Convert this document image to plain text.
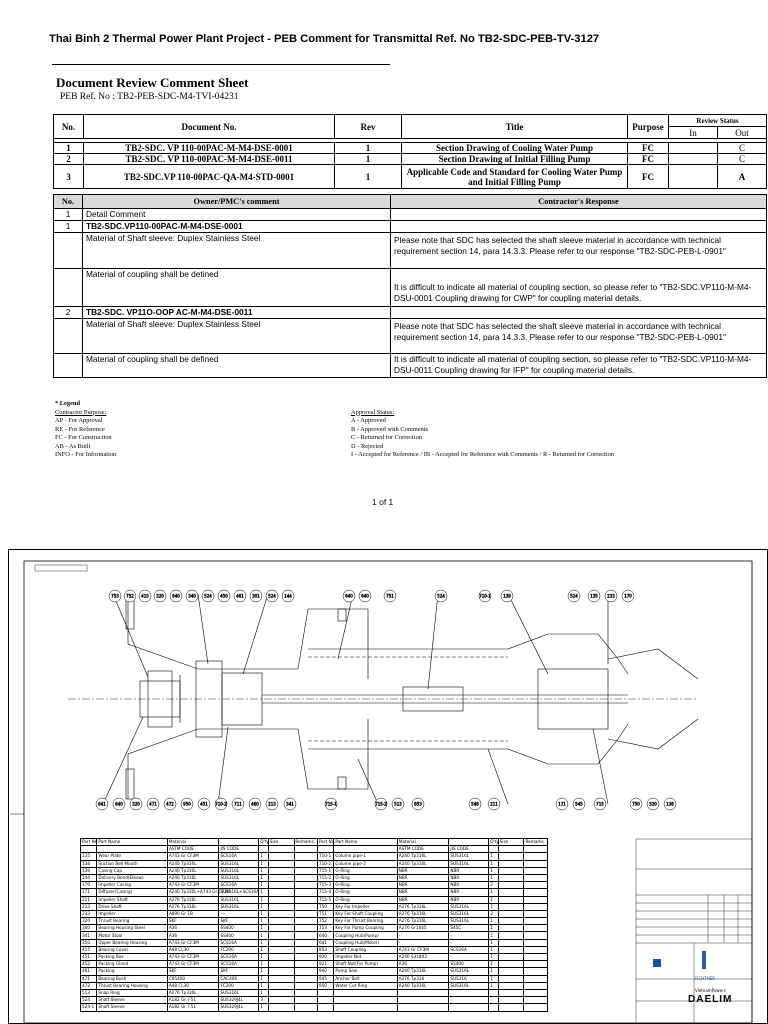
Thai Binh 2 Thermal Power Plant Project - PEB Comment for Transmittal Ref. No TB2-SDC-PEB-TV-3127
Document Review Comment Sheet
PEB Ref. No : TB2-PEB-SDC-M4-TVI-04231
No.	Document No.	Rev	Title	Purpose	Review Status	
					In	Out

1	TB2-SDC. VP 110-00PAC-M-M4-DSE-0001	1	Section Drawing of Cooling Water Pump	FC		C
2	TB2-SDC. VP 110-00PAC-M-M4-DSE-0011	1	Section Drawing of Initial Filling Pump	FC		C
3	TB2-SDC.VP 110-00PAC-QA-M4-STD-0001	1	Applicable Code and Standard for Cooling Water Pump and Initial Filling Pump	FC		A
No.	Owner/PMC's comment	Contractor's Response
1	Detail Comment	
1	TB2-SDC.VP110-00PAC-M-M4-DSE-0001	
	Material of Shaft sleeve: Duplex Stainless Steel	Please note that SDC has selected the shaft sleeve material in accordance with technical requirement section 14, para 14.3.3. Please refer to our response "TB2-SDC-PEB-L-0901"
	Material of coupling shall be detined	It is difficult to indicate all material of coupling section, so please refer to "TB2-SDC.VP110-M-M4-DSU-0001 Coupling drawing for CWP" for coupling material details.
2	TB2-SDC. VP11O-OOP AC-M-M4-DSE-0011	
	Material of Shaft sleeve: Duplex Stainless Steel	Please note that SDC has selected the shaft sleeve material in accordance with technical requirement section 14, para 14.3.3. Please refer to our response "TB2-SDC-PEB-L-0901"
	Material of coupling shall be defined	It is difficult to indicate all material of coupling section, so please refer to "TB2-SDC.VP110-M-M4-DSU-0011 Coupling drawing for IFP" for coupling material details.
* Legend
Contractor Purpose:
AP - For Approval
RE - For Reference
FC - For Construction
AB - As Built
INFO - For Information
Approval Status:
A - Approved
B - Approved with Comments
C - Returned for Correction
D - Rejected
I - Accepted for Reference / IB - Accepted for Reference with Comments / R - Returned for Correction
1 of 1
753 752 415 320 640 340 524 450 461 301 524 144	640 640	751	524	710-1	139	524	135 233 170
641 640 320 471 472 950 451 710-2 711 460 213	341	715-1	715-2 513	853	548	211	171 545	715	750 320 138
Part No.	Part Name	Material		Q'ty	Size	Remarks	Part No.	Part Name	Material		Q'ty	Size	Remarks
		ASTM CODE	JIS CODE						ASTM CODE	JIS CODE			
135	Wear Plate	A743 Gr CF3M	SCS16A	1			710-1	Column pipe-1	A240 Tp316L	SUS316L	1		
138	Suction Bell Mouth	A240 Tp316L	SUS316L	1			710-2	Column pipe-2	A240 Tp316L	SUS316L	1		
139	Casing Cap	A240 Tp316L	SUS316L	1			715-1	O-Ring	NBR	NBR	1		
144	Delivery Bend(Elbow)	A240 Tp316L	SUS316L	1			715-2	O-Ring	NBR	NBR	1		
170	Impeller Casing	A743 Gr CF3M	SCS16A	1			715-3	O-Ring	NBR	NBR	2		
171	Diffuser(Casing)	A240 Tp316L+A743 Gr CF3M	SUS316L+SCS16A	1			715-4	O-Ring	NBR	NBR	1		
211	Impeller Shaft	A276 Tp316L	SUS316L	1			715-5	O-Ring	NBR	NBR	1		
213	Drive Shaft	A276 Tp316L	SUS316L	1			750	Key For Impeller	A276 Tp316L	SUS316L	1		
233	Impeller	A890 Gr 1B	---	1			751	Key For Shaft Coupling	A276 Tp316L	SUS316L	2		
320	Thrust Bearing	SKF	SKF	1			752	Key For Thrust Bearing	A276 Tp316L	SUS316L	1		
340	Bearing Housing Steel	A36	SS400	1			753	Key For Pump Coupling	A276 Gr1045	S45C	1		
341	Motor Stool	A36	SS400	1			640	Coupling Hub(Pump)	-	-	1		
350	Upper Bearing Housing	A743 Gr CF3M	SCS16A	1			641	Coupling Hub(Motor)	-	-	1		
415	Bearing Cover	A48 CL30	FC200	1			853	Shaft Coupling	A743 Gr CF3M	SCS16A	1		
451	Packing Box	A743 Gr CF3M	SCS16A	1			920	Impeller Nut	A240 S31803	-	1		
452	Packing Gland	A743 Gr CF3M	SCS16A	1			921	Shaft Nut(For Pump)	A36	SS400	1		
461	Packing	SKF	SKF	1			940	Pump Seal	A240 Tp316L	SUS316L	1		
471	Bearing Bush	C95400	CAC406	1			945	Anchor Bolt	A276 Tp316	SUS316	1		
472	Thrust Bearing Housing	A48 CL30	FC200	1			950	Water Cut Ring	A240 Tp316L	SUS316L	1		
513	Snap Ring	A276 Tp316L	SUS316L	1									
524	Shaft Sleeve	A182 Gr. F51	SUS329J4L	3									
524-1	Shaft Sleeve	A182 Gr. F51	SUS329J4L	1									
FICHTNER
VietnamPowers
DAELIM
